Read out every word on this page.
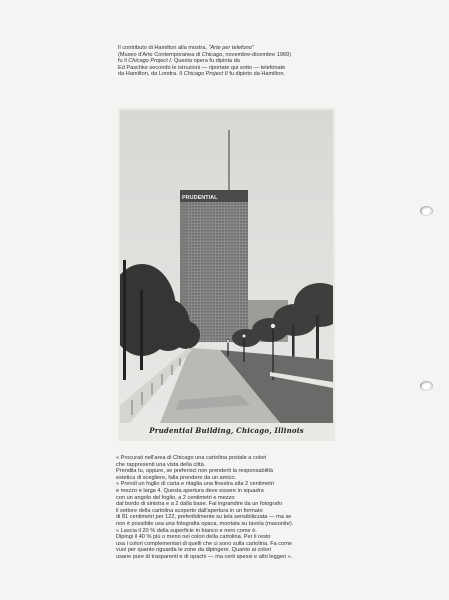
Il contributo di Hamilton alla mostra, "Arte per telefono"

(Museo d'Arte Contemporanea di Chicago, novembre-dicembre 1969)

fu il Chicago Project I. Questa opera fu dipinta da

Ed Paschke secondo le istruzioni — riportate qui sotto — telefonate

da Hamilton, da Londra. Il Chicago Project II fu dipinto da Hamilton.

PRUDENTIAL
Prudential Building, Chicago, Illinois

« Procurati nell'area di Chicago una cartolina postale a colori

che rappresenti una vista della città.

Prendila tu, oppure, se preferisci non prenderti la responsabilità

estetica di scegliere, falla prendere da un amico.

« Prendi un foglio di carta e ritaglia una finestra alta 2 centimetri

e mezzo e larga 4. Questa apertura deve essere in squadra

con un angolo del foglio, a 2 centimetri e mezzo

dal bordo di sinistra e a 2 dalla base. Fai ingrandire da un fotografo

il settore della cartolina scoperto dall'apertura in un formato

di 81 centimetri per 122, preferibilmente su tela sensibilizzata — ma se

non è possibile usa una fotografia opaca, montata su tavola (masonite).

« Lascia il 20 % della superficie in bianco e nero come è.

Dipingi il 40 % più o meno nei colori della cartolina. Per il resto

usa i colori complementari di quelli che ci sono sulla cartolina. Fa come

vuoi per quanto riguarda le zone da dipingere. Quanto ai colori

usane pure di trasparenti e di opachi — ma certi spessi e altri leggeri ».
